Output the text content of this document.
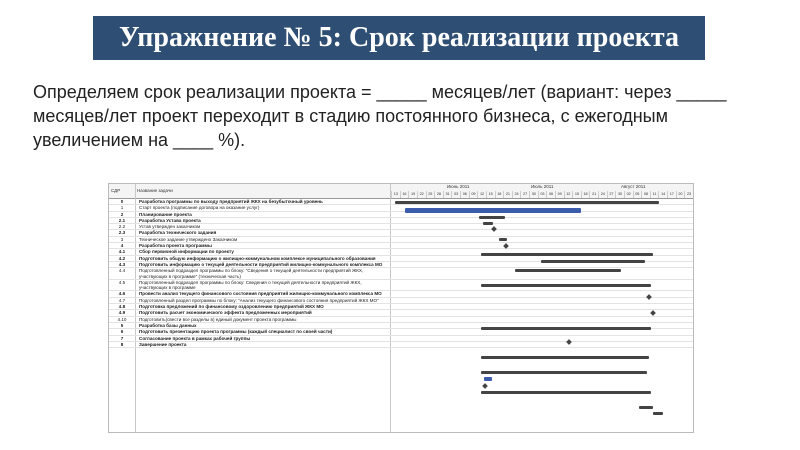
Упражнение № 5: Срок реализации проекта
Определяем срок реализации проекта = _____ месяцев/лет (вариант: через _____ месяцев/лет проект переходит в стадию постоянного бизнеса, с ежегодным увеличением на ____ %).
СДР	Название задачи
Июнь 2011	Июль 2011	Август 2011
13	16	19	22	25	28	31	03	06	09	12	15	18	21	24	27	30	03	06	09	12	15	18	21	24	27	30	02	05	08	11	14	17	20	23
0	Разработка программы по выходу предприятий ЖКХ на безубыточный уровень
1	Старт проекта (подписание договора на оказание услуг)
2	Планирование проекта
2.1	Разработка Устава проекта
2.2	Устав утвержден заказчиком
2.3	Разработка технического задания
3	Техническое задание утверждено Заказчиком
4	Разработка проекта программы
4.1	Сбор первичной информации по проекту
4.2	Подготовить общую информацию о жилищно-коммунальном комплексе муниципального образования
4.3	Подготовить информацию о текущей деятельности предприятий жилищно-коммунального комплекса МО
4.4	Подготовленный подраздел программы по блоку: "Сведения о текущей деятельности предприятий ЖКХ, участвующих в программе" (техническая часть)
4.5	Подготовленный подраздел программы по блоку: Сведения о текущей деятельности предприятий ЖКХ, участвующих в программе
4.6	Провести анализ текущего финансового состояния предприятий жилищно-коммунального комплекса МО
4.7	Подготовленный раздел программы по блоку: "Анализ текущего финансового состояния предприятий ЖКХ МО"
4.8	Подготовка предложений по финансовому оздоровлению предприятий ЖКХ МО
4.9	Подготовить расчет экономического эффекта предложенных мероприятий
4.10	Подготовить(свести все разделы в) единый документ проекта программы
5	Разработка базы данных
6	Подготовить презентацию проекта программы (каждый специалист по своей части)
7	Согласование проекта в рамках рабочей группы
8	Завершение проекта
